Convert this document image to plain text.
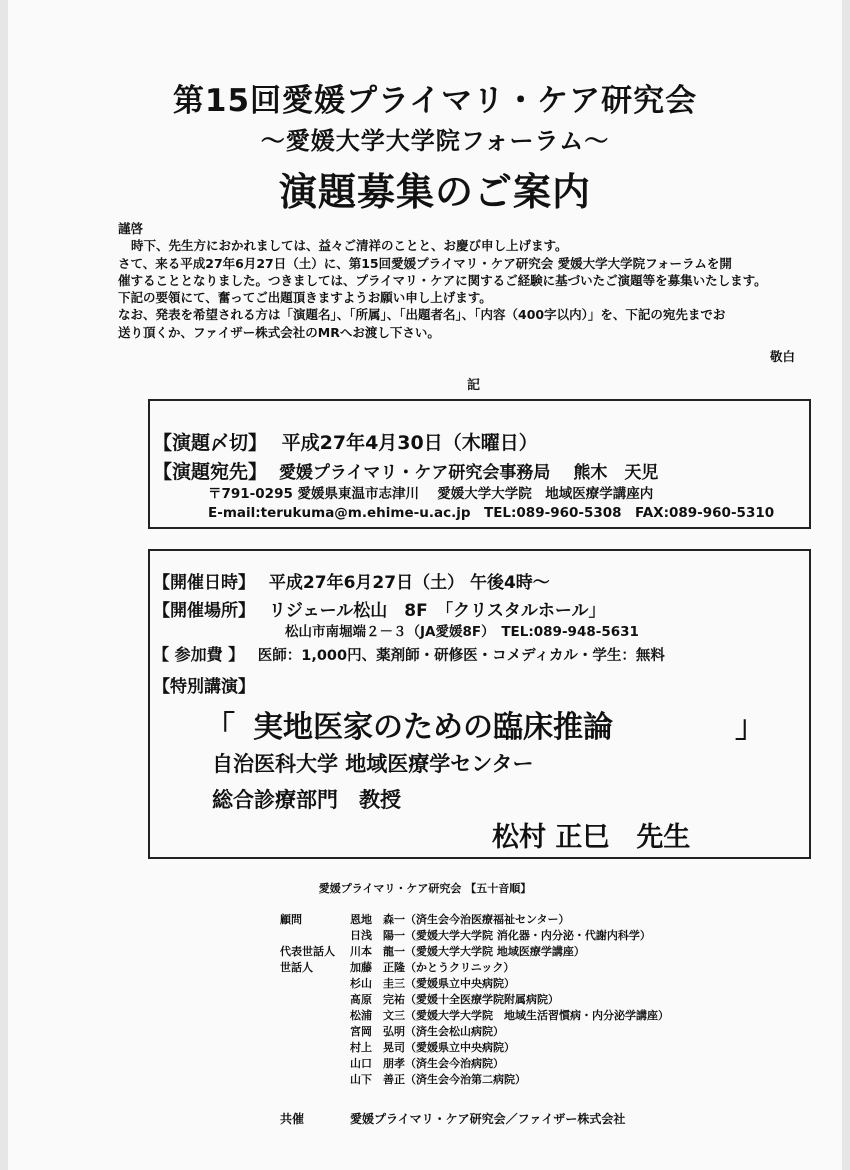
第15回愛媛プライマリ・ケア研究会
～愛媛大学大学院フォーラム～
演題募集のご案内

謹啓

時下、先生方におかれましては、益々ご清祥のことと、お慶び申し上げます。

さて、来る平成27年6月27日（土）に、第15回愛媛プライマリ・ケア研究会 愛媛大学大学院フォーラムを開

催することとなりました。つきましては、プライマリ・ケアに関するご経験に基づいたご演題等を募集いたします。

下記の要領にて、奮ってご出題頂きますようお願い申し上げます。

なお、発表を希望される方は「演題名」、「所属」、「出題者名」、「内容（400字以内）」を、下記の宛先までお

送り頂くか、ファイザー株式会社のMRへお渡し下さい。

敬白
記
【演題〆切】 平成27年4月30日（木曜日）
【演題宛先】 愛媛プライマリ・ケア研究会事務局　 熊木　天児
〒791-0295 愛媛県東温市志津川　 愛媛大学大学院　地域医療学講座内
E-mail:terukuma@m.ehime-u.ac.jp　TEL:089-960-5308　FAX:089-960-5310
【開催日時】 平成27年6月27日（土） 午後4時～
【開催場所】 リジェール松山　8F　「クリスタルホール」
松山市南堀端２－３（JA愛媛8F）　TEL:089-948-5631
【 参加費 】 医師：1,000円、薬剤師・研修医・コメディカル・学生：無料
【特別講演】
「 実地医家のための臨床推論	」
自治医科大学 地域医療学センター
総合診療部門　教授
松村 正巳　先生
愛媛プライマリ・ケア研究会 【五十音順】
顧問
代表世話人
世話人
恩地　森一（済生会今治医療福祉センター）
日浅　陽一（愛媛大学大学院 消化器・内分泌・代謝内科学）
川本　龍一（愛媛大学大学院 地域医療学講座）
加藤　正隆（かとうクリニック）
杉山　圭三（愛媛県立中央病院）
髙原　完祐（愛媛十全医療学院附属病院）
松浦　文三（愛媛大学大学院　地域生活習慣病・内分泌学講座）
宮岡　弘明（済生会松山病院）
村上　晃司（愛媛県立中央病院）
山口　朋孝（済生会今治病院）
山下　善正（済生会今治第二病院）
共催	愛媛プライマリ・ケア研究会／ファイザー株式会社
